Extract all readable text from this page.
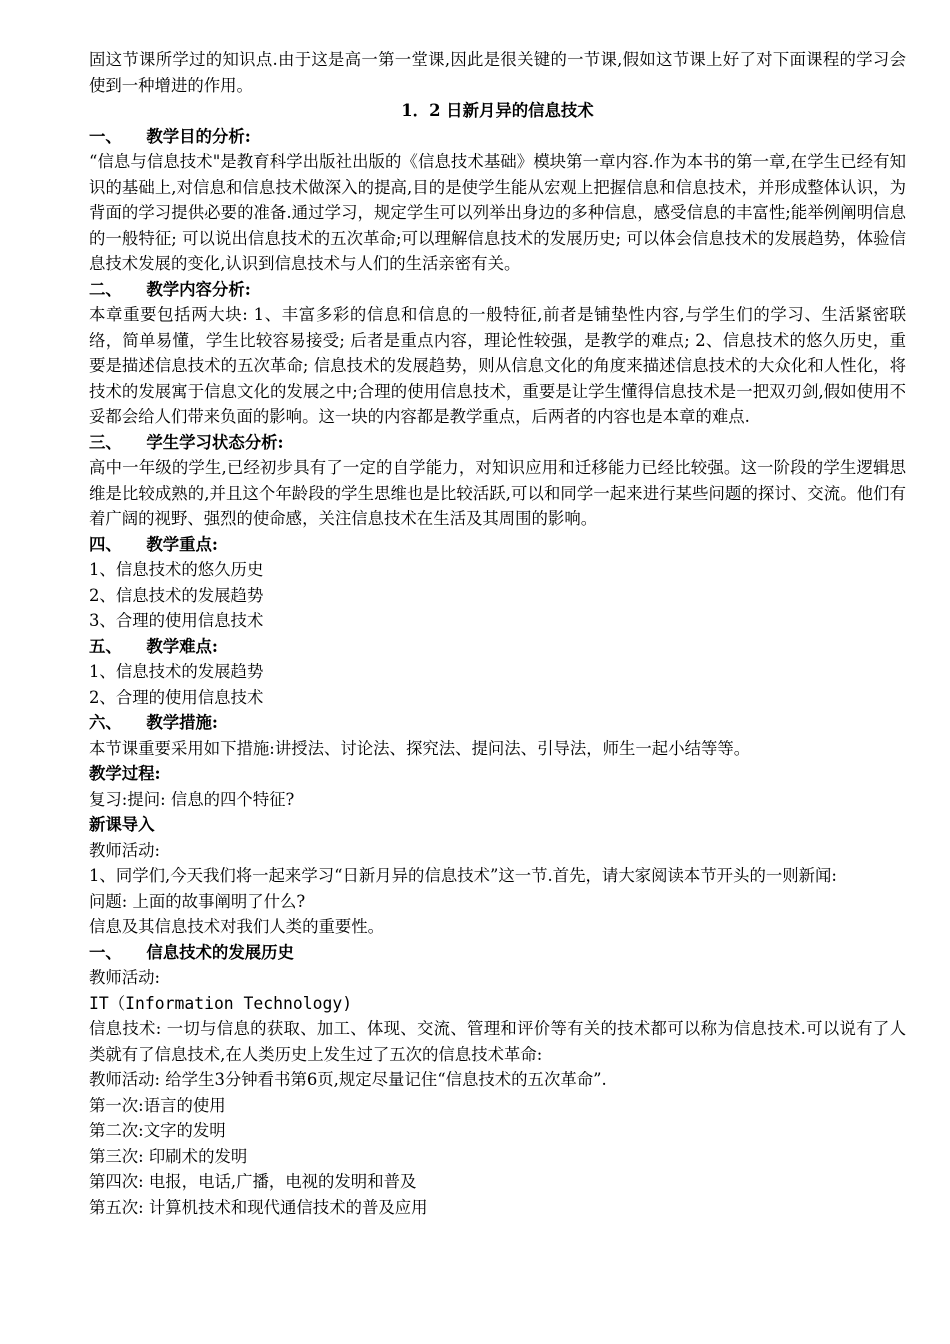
固这节课所学过的知识点.由于这是高一第一堂课,因此是很关键的一节课,假如这节课上好了对下面课程的学习会使到一种增进的作用。

1．2 日新月异的信息技术

一、　　教学目的分析:

“信息与信息技术"是教育科学出版社出版的《信息技术基础》模块第一章内容.作为本书的第一章,在学生已经有知识的基础上,对信息和信息技术做深入的提高,目的是使学生能从宏观上把握信息和信息技术，并形成整体认识，为背面的学习提供必要的准备.通过学习，规定学生可以列举出身边的多种信息，感受信息的丰富性;能举例阐明信息的一般特征; 可以说出信息技术的五次革命;可以理解信息技术的发展历史; 可以体会信息技术的发展趋势，体验信息技术发展的变化,认识到信息技术与人们的生活亲密有关。

二、　　教学内容分析:

本章重要包括两大块: 1、丰富多彩的信息和信息的一般特征,前者是铺垫性内容,与学生们的学习、生活紧密联络，简单易懂，学生比较容易接受; 后者是重点内容，理论性较强，是教学的难点; 2、信息技术的悠久历史，重要是描述信息技术的五次革命; 信息技术的发展趋势，则从信息文化的角度来描述信息技术的大众化和人性化，将技术的发展寓于信息文化的发展之中;合理的使用信息技术，重要是让学生懂得信息技术是一把双刃剑,假如使用不妥都会给人们带来负面的影响。这一块的内容都是教学重点，后两者的内容也是本章的难点.

三、　　学生学习状态分析:

高中一年级的学生,已经初步具有了一定的自学能力，对知识应用和迁移能力已经比较强。这一阶段的学生逻辑思维是比较成熟的,并且这个年龄段的学生思维也是比较活跃,可以和同学一起来进行某些问题的探讨、交流。他们有着广阔的视野、强烈的使命感，关注信息技术在生活及其周围的影响。

四、　　教学重点:

1、信息技术的悠久历史

2、信息技术的发展趋势

3、合理的使用信息技术

五、　　教学难点:

1、信息技术的发展趋势

2、合理的使用信息技术

六、　　教学措施:

本节课重要采用如下措施:讲授法、讨论法、探究法、提问法、引导法，师生一起小结等等。

教学过程:

复习:提问: 信息的四个特征?

新课导入

教师活动:

1、同学们,今天我们将一起来学习“日新月异的信息技术”这一节.首先，请大家阅读本节开头的一则新闻:

问题: 上面的故事阐明了什么?

信息及其信息技术对我们人类的重要性。

一、　　信息技术的发展历史

教师活动:

IT（Information Technology)

信息技术: 一切与信息的获取、加工、体现、交流、管理和评价等有关的技术都可以称为信息技术.可以说有了人类就有了信息技术,在人类历史上发生过了五次的信息技术革命:

教师活动: 给学生3分钟看书第6页,规定尽量记住“信息技术的五次革命”.

第一次:语言的使用

第二次:文字的发明

第三次: 印刷术的发明

第四次: 电报，电话,广播，电视的发明和普及

第五次: 计算机技术和现代通信技术的普及应用
